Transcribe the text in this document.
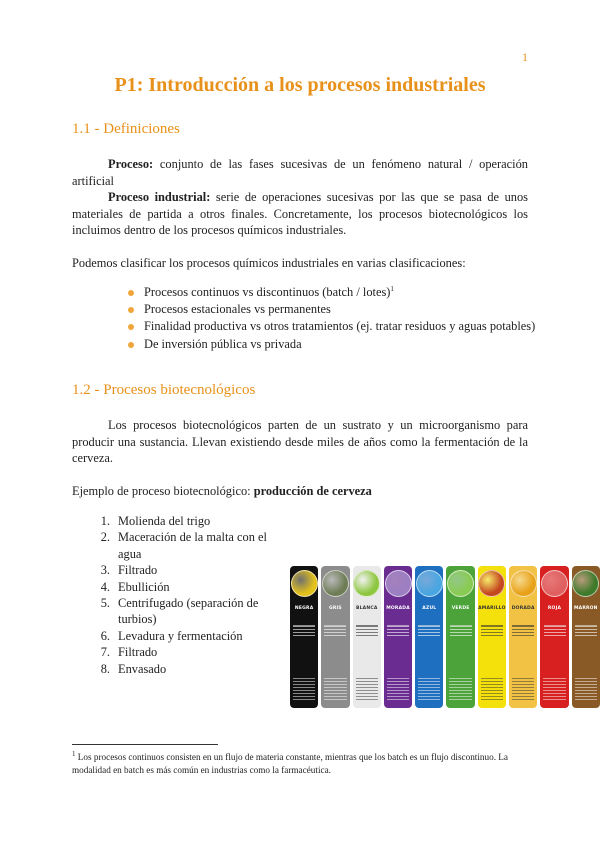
1
P1: Introducción a los procesos industriales
1.1 - Definiciones
Proceso: conjunto de las fases sucesivas de un fenómeno natural / operación artificial
Proceso industrial: serie de operaciones sucesivas por las que se pasa de unos materiales de partida a otros finales. Concretamente, los procesos biotecnológicos los incluimos dentro de los procesos químicos industriales.
Podemos clasificar los procesos químicos industriales en varias clasificaciones:
Procesos continuos vs discontinuos (batch / lotes)$^1$
Procesos estacionales vs permanentes
Finalidad productiva vs otros tratamientos (ej. tratar residuos y aguas potables)
De inversión pública vs privada
1.2 - Procesos biotecnológicos
Los procesos biotecnológicos parten de un sustrato y un microorganismo para producir una sustancia. Llevan existiendo desde miles de años como la fermentación de la cerveza.
Ejemplo de proceso biotecnológico: producción de cerveza
1. Molienda del trigo
2. Maceración de la malta con el agua
3. Filtrado
4. Ebullición
5. Centrifugado (separación de turbios)
6. Levadura y fermentación
7. Filtrado
8. Envasado
NEGRA	GRIS	BLANCA MORADA	AZUL	VERDE AMARILLO DORADA	ROJA	MARRON
$^1$ Los procesos continuos consisten en un flujo de materia constante, mientras que los batch es un flujo discontinuo. La modalidad en batch es más común en industrias como la farmacéutica.
